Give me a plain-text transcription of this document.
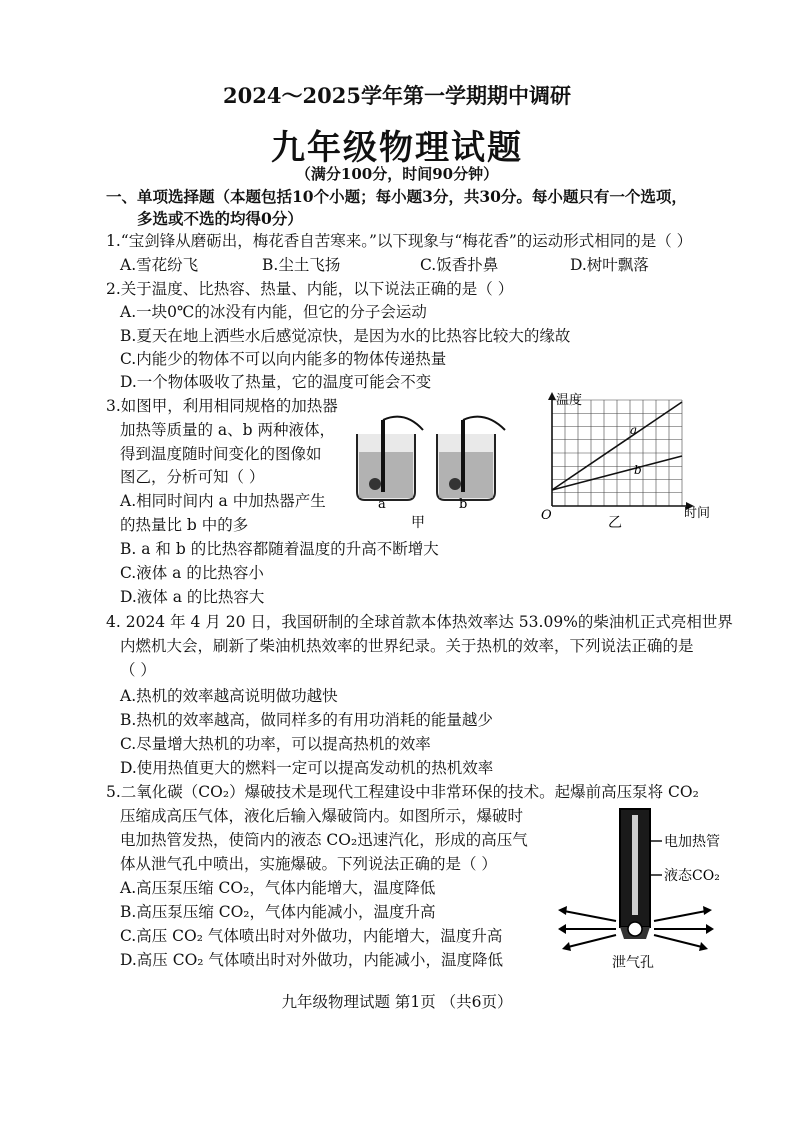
2024～2025学年第一学期期中调研
九年级物理试题
（满分100分，时间90分钟）
一、单项选择题（本题包括10个小题；每小题3分，共30分。每小题只有一个选项，
多选或不选的均得0分）
1.“宝剑锋从磨砺出，梅花香自苦寒来。”以下现象与“梅花香”的运动形式相同的是（ ）
A.雪花纷飞	B.尘土飞扬	C.饭香扑鼻	D.树叶飘落
2.关于温度、比热容、热量、内能，以下说法正确的是（ ）
A.一块0℃的冰没有内能，但它的分子会运动
B.夏天在地上洒些水后感觉凉快，是因为水的比热容比较大的缘故
C.内能少的物体不可以向内能多的物体传递热量
D.一个物体吸收了热量，它的温度可能会不变
3.如图甲，利用相同规格的加热器
加热等质量的 a、b 两种液体，
得到温度随时间变化的图像如
图乙，分析可知（ ）
A.相同时间内 a 中加热器产生
的热量比 b 中的多
B. a 和 b 的比热容都随着温度的升高不断增大
C.液体 a 的比热容小
D.液体 a 的比热容大
a	b
甲
温度
时间
O
a
b
乙
4. 2024 年 4 月 20 日，我国研制的全球首款本体热效率达 53.09%的柴油机正式亮相世界
内燃机大会，刷新了柴油机热效率的世界纪录。关于热机的效率，下列说法正确的是
（ ）
A.热机的效率越高说明做功越快
B.热机的效率越高，做同样多的有用功消耗的能量越少
C.尽量增大热机的功率，可以提高热机的效率
D.使用热值更大的燃料一定可以提高发动机的热机效率
5.二氧化碳（CO₂）爆破技术是现代工程建设中非常环保的技术。起爆前高压泵将 CO₂
压缩成高压气体，液化后输入爆破筒内。如图所示，爆破时
电加热管发热，使筒内的液态 CO₂迅速汽化，形成的高压气
体从泄气孔中喷出，实施爆破。下列说法正确的是（ ）
A.高压泵压缩 CO₂，气体内能增大，温度降低
B.高压泵压缩 CO₂，气体内能减小，温度升高
C.高压 CO₂ 气体喷出时对外做功，内能增大，温度升高
D.高压 CO₂ 气体喷出时对外做功，内能减小，温度降低
电加热管
液态CO₂
泄气孔
九年级物理试题 第1页 （共6页）
